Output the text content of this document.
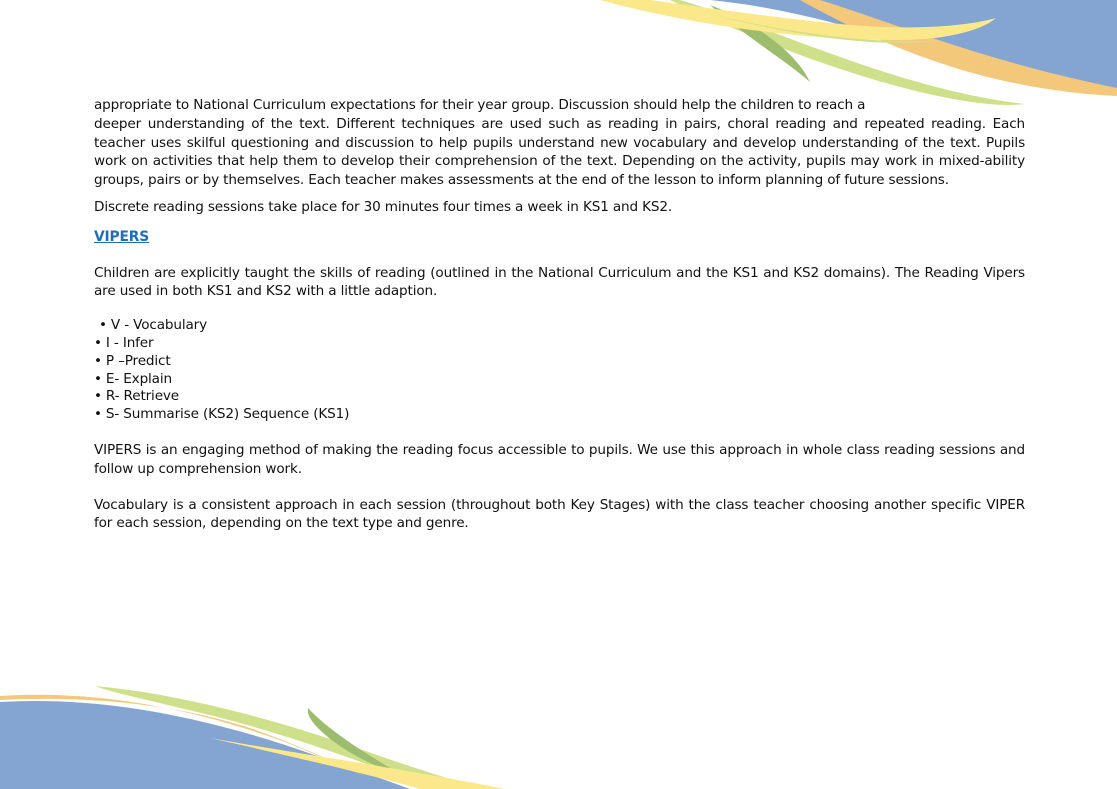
appropriate to National Curriculum expectations for their year group. Discussion should help the children to reach a
deeper understanding of the text. Different techniques are used such as reading in pairs, choral reading and repeated reading. Each teacher uses skilful questioning and discussion to help pupils understand new vocabulary and develop understanding of the text. Pupils work on activities that help them to develop their comprehension of the text. Depending on the activity, pupils may work in mixed-ability groups, pairs or by themselves. Each teacher makes assessments at the end of the lesson to inform planning of future sessions.

Discrete reading sessions take place for 30 minutes four times a week in KS1 and KS2.

VIPERS

Children are explicitly taught the skills of reading (outlined in the National Curriculum and the KS1 and KS2 domains). The Reading Vipers are used in both KS1 and KS2 with a little adaption.

• V - Vocabulary
• I - Infer
• P –Predict
• E- Explain
• R- Retrieve
• S- Summarise (KS2) Sequence (KS1)

VIPERS is an engaging method of making the reading focus accessible to pupils. We use this approach in whole class reading sessions and follow up comprehension work.

Vocabulary is a consistent approach in each session (throughout both Key Stages) with the class teacher choosing another specific VIPER for each session, depending on the text type and genre.
